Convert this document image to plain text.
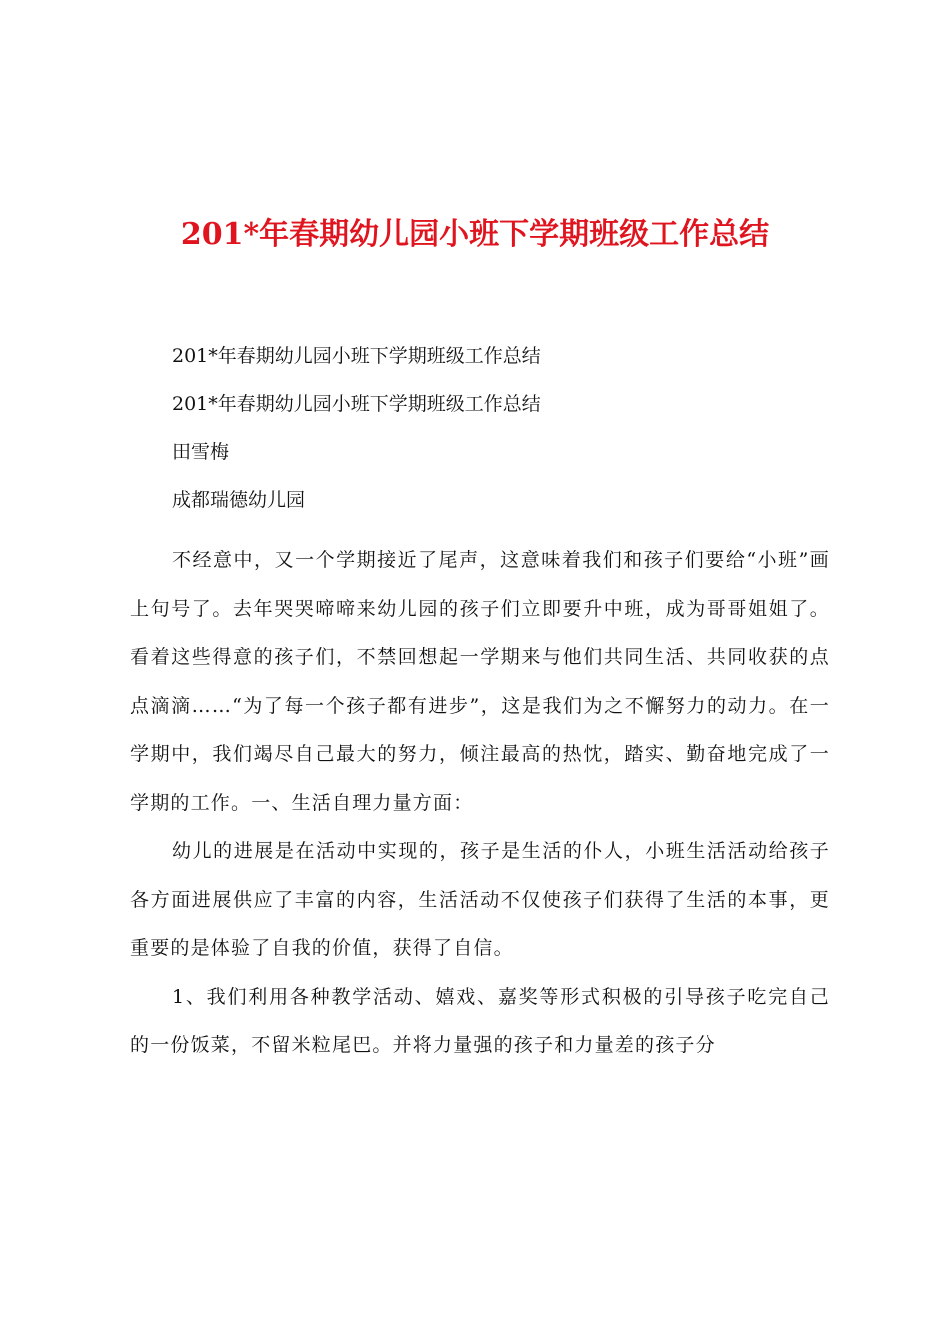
201*年春期幼儿园小班下学期班级工作总结

201*年春期幼儿园小班下学期班级工作总结

201*年春期幼儿园小班下学期班级工作总结

田雪梅

成都瑞德幼儿园

不经意中，又一个学期接近了尾声，这意味着我们和孩子们要给“小班”画上句号了。去年哭哭啼啼来幼儿园的孩子们立即要升中班，成为哥哥姐姐了。看着这些得意的孩子们，不禁回想起一学期来与他们共同生活、共同收获的点点滴滴……“为了每一个孩子都有进步”，这是我们为之不懈努力的动力。在一学期中，我们竭尽自己最大的努力，倾注最高的热忱，踏实、勤奋地完成了一学期的工作。一、生活自理力量方面：

幼儿的进展是在活动中实现的，孩子是生活的仆人，小班生活活动给孩子各方面进展供应了丰富的内容，生活活动不仅使孩子们获得了生活的本事，更重要的是体验了自我的价值，获得了自信。

1、我们利用各种教学活动、嬉戏、嘉奖等形式积极的引导孩子吃完自己的一份饭菜，不留米粒尾巴。并将力量强的孩子和力量差的孩子分
